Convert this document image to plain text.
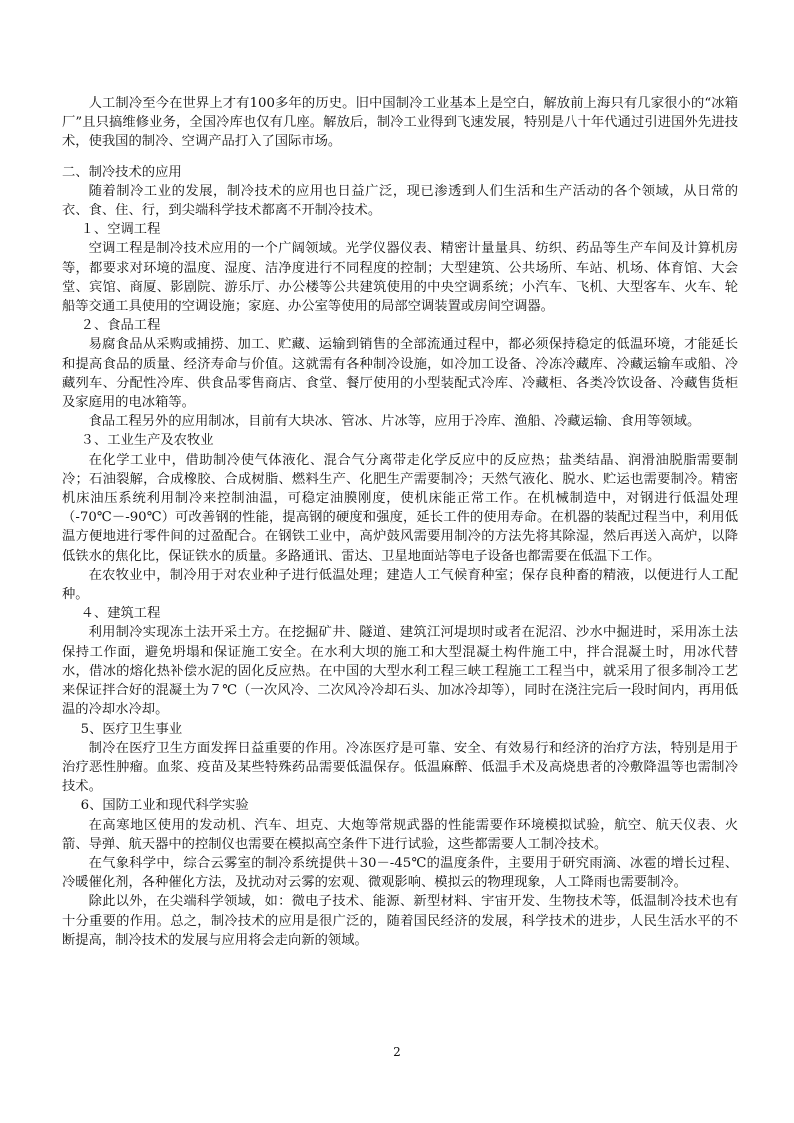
人工制冷至今在世界上才有100多年的历史。旧中国制冷工业基本上是空白，解放前上海只有几家很小的“冰箱厂”且只搞维修业务，全国冷库也仅有几座。解放后，制冷工业得到飞速发展，特别是八十年代通过引进国外先进技术，使我国的制冷、空调产品打入了国际市场。

二、制冷技术的应用

随着制冷工业的发展，制冷技术的应用也日益广泛，现已渗透到人们生活和生产活动的各个领域，从日常的衣、食、住、行，到尖端科学技术都离不开制冷技术。

１、空调工程

空调工程是制冷技术应用的一个广阔领域。光学仪器仪表、精密计量量具、纺织、药品等生产车间及计算机房等，都要求对环境的温度、湿度、洁净度进行不同程度的控制；大型建筑、公共场所、车站、机场、体育馆、大会堂、宾馆、商厦、影剧院、游乐厅、办公楼等公共建筑使用的中央空调系统；小汽车、飞机、大型客车、火车、轮船等交通工具使用的空调设施；家庭、办公室等使用的局部空调装置或房间空调器。

２、食品工程

易腐食品从采购或捕捞、加工、贮藏、运输到销售的全部流通过程中，都必须保持稳定的低温环境，才能延长和提高食品的质量、经济寿命与价值。这就需有各种制冷设施，如冷加工设备、冷冻冷藏库、冷藏运输车或船、冷藏列车、分配性冷库、供食品零售商店、食堂、餐厅使用的小型装配式冷库、冷藏柜、各类冷饮设备、冷藏售货柜及家庭用的电冰箱等。

食品工程另外的应用制冰，目前有大块冰、管冰、片冰等，应用于冷库、渔船、冷藏运输、食用等领域。

３、工业生产及农牧业

在化学工业中，借助制冷使气体液化、混合气分离带走化学反应中的反应热；盐类结晶、润滑油脱脂需要制冷；石油裂解，合成橡胶、合成树脂、燃料生产、化肥生产需要制冷；天然气液化、脱水、贮运也需要制冷。精密机床油压系统利用制冷来控制油温，可稳定油膜刚度，使机床能正常工作。在机械制造中，对钢进行低温处理（-70℃－-90℃）可改善钢的性能，提高钢的硬度和强度，延长工件的使用寿命。在机器的装配过程当中，利用低温方便地进行零件间的过盈配合。在钢铁工业中，高炉鼓风需要用制冷的方法先将其除湿，然后再送入高炉，以降低铁水的焦化比，保证铁水的质量。多路通讯、雷达、卫星地面站等电子设备也都需要在低温下工作。

在农牧业中，制冷用于对农业种子进行低温处理；建造人工气候育种室；保存良种畜的精液，以便进行人工配种。

４、建筑工程

利用制冷实现冻土法开采土方。在挖掘矿井、隧道、建筑江河堤坝时或者在泥沼、沙水中掘进时，采用冻土法保持工作面，避免坍塌和保证施工安全。在水利大坝的施工和大型混凝土构件施工中，拌合混凝土时，用冰代替水，借冰的熔化热补偿水泥的固化反应热。在中国的大型水利工程三峡工程施工工程当中，就采用了很多制冷工艺来保证拌合好的混凝土为７℃（一次风冷、二次风冷冷却石头、加冰冷却等），同时在浇注完后一段时间内，再用低温的冷却水冷却。

5、医疗卫生事业

制冷在医疗卫生方面发挥日益重要的作用。冷冻医疗是可靠、安全、有效易行和经济的治疗方法，特别是用于治疗恶性肿瘤。血浆、疫苗及某些特殊药品需要低温保存。低温麻醉、低温手术及高烧患者的冷敷降温等也需制冷技术。

6、国防工业和现代科学实验

在高寒地区使用的发动机、汽车、坦克、大炮等常规武器的性能需要作环境模拟试验，航空、航天仪表、火箭、导弹、航天器中的控制仪也需要在模拟高空条件下进行试验，这些都需要人工制冷技术。

在气象科学中，综合云雾室的制冷系统提供＋30－-45℃的温度条件，主要用于研究雨滴、冰雹的增长过程、冷暖催化剂，各种催化方法，及扰动对云雾的宏观、微观影响、模拟云的物理现象，人工降雨也需要制冷。

除此以外，在尖端科学领域，如：微电子技术、能源、新型材料、宇宙开发、生物技术等，低温制冷技术也有十分重要的作用。总之，制冷技术的应用是很广泛的，随着国民经济的发展，科学技术的进步，人民生活水平的不断提高，制冷技术的发展与应用将会走向新的领域。

2
